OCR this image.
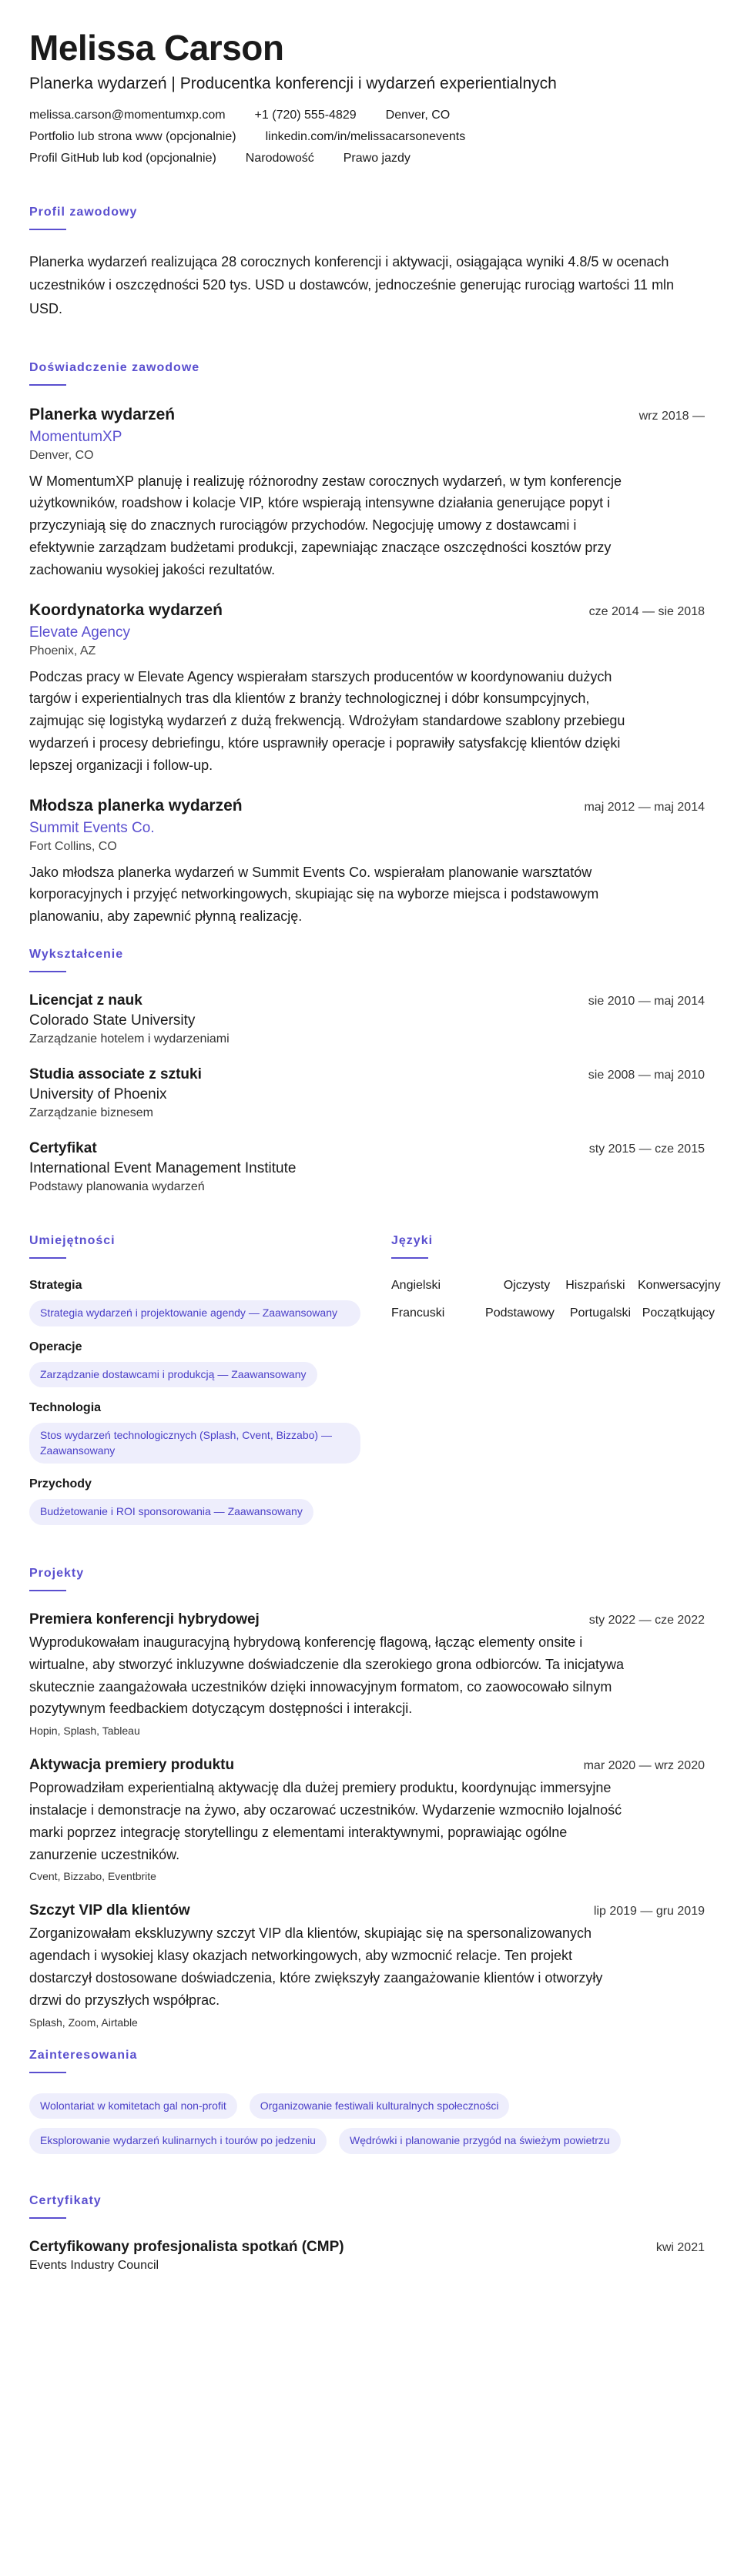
Melissa Carson
Planerka wydarzeń | Producentka konferencji i wydarzeń experientialnych
melissa.carson@momentumxp.com +1 (720) 555-4829 Denver, CO
Portfolio lub strona www (opcjonalnie) linkedin.com/in/melissacarsonevents
Profil GitHub lub kod (opcjonalnie) Narodowość Prawo jazdy
Profil zawodowy
Planerka wydarzeń realizująca 28 corocznych konferencji i aktywacji, osiągająca wyniki 4.8/5 w ocenach uczestników i oszczędności 520 tys. USD u dostawców, jednocześnie generując rurociąg wartości 11 mln USD.
Doświadczenie zawodowe
Planerka wydarzeń	wrz 2018 —
MomentumXP
Denver, CO
W MomentumXP planuję i realizuję różnorodny zestaw corocznych wydarzeń, w tym konferencje użytkowników, roadshow i kolacje VIP, które wspierają intensywne działania generujące popyt i przyczyniają się do znacznych rurociągów przychodów. Negocjuję umowy z dostawcami i efektywnie zarządzam budżetami produkcji, zapewniając znaczące oszczędności kosztów przy zachowaniu wysokiej jakości rezultatów.
Koordynatorka wydarzeń	cze 2014 — sie 2018
Elevate Agency
Phoenix, AZ
Podczas pracy w Elevate Agency wspierałam starszych producentów w koordynowaniu dużych targów i experientialnych tras dla klientów z branży technologicznej i dóbr konsumpcyjnych, zajmując się logistyką wydarzeń z dużą frekwencją. Wdrożyłam standardowe szablony przebiegu wydarzeń i procesy debriefingu, które usprawniły operacje i poprawiły satysfakcję klientów dzięki lepszej organizacji i follow-up.
Młodsza planerka wydarzeń	maj 2012 — maj 2014
Summit Events Co.
Fort Collins, CO
Jako młodsza planerka wydarzeń w Summit Events Co. wspierałam planowanie warsztatów korporacyjnych i przyjęć networkingowych, skupiając się na wyborze miejsca i podstawowym planowaniu, aby zapewnić płynną realizację.
Wykształcenie
Licencjat z nauk	sie 2010 — maj 2014
Colorado State University
Zarządzanie hotelem i wydarzeniami
Studia associate z sztuki	sie 2008 — maj 2010
University of Phoenix
Zarządzanie biznesem
Certyfikat	sty 2015 — cze 2015
International Event Management Institute
Podstawy planowania wydarzeń
Umiejętności
Strategia
Strategia wydarzeń i projektowanie agendy — Zaawansowany
Operacje
Zarządzanie dostawcami i produkcją — Zaawansowany
Technologia
Stos wydarzeń technologicznych (Splash, Cvent, Bizzabo) — Zaawansowany
Przychody
Budżetowanie i ROI sponsorowania — Zaawansowany
Języki
Angielski	Ojczysty	Hiszpański	Konwersacyjny
Francuski	Podstawowy	Portugalski Początkujący
Projekty
Premiera konferencji hybrydowej	sty 2022 — cze 2022
Wyprodukowałam inauguracyjną hybrydową konferencję flagową, łącząc elementy onsite i wirtualne, aby stworzyć inkluzywne doświadczenie dla szerokiego grona odbiorców. Ta inicjatywa skutecznie zaangażowała uczestników dzięki innowacyjnym formatom, co zaowocowało silnym pozytywnym feedbackiem dotyczącym dostępności i interakcji.
Hopin, Splash, Tableau
Aktywacja premiery produktu	mar 2020 — wrz 2020
Poprowadziłam experientialną aktywację dla dużej premiery produktu, koordynując immersyjne instalacje i demonstracje na żywo, aby oczarować uczestników. Wydarzenie wzmocniło lojalność marki poprzez integrację storytellingu z elementami interaktywnymi, poprawiając ogólne zanurzenie uczestników.
Cvent, Bizzabo, Eventbrite
Szczyt VIP dla klientów	lip 2019 — gru 2019
Zorganizowałam ekskluzywny szczyt VIP dla klientów, skupiając się na spersonalizowanych agendach i wysokiej klasy okazjach networkingowych, aby wzmocnić relacje. Ten projekt dostarczył dostosowane doświadczenia, które zwiększyły zaangażowanie klientów i otworzyły drzwi do przyszłych współprac.
Splash, Zoom, Airtable
Zainteresowania
Wolontariat w komitetach gal non-profit	Organizowanie festiwali kulturalnych społeczności
Eksplorowanie wydarzeń kulinarnych i tourów po jedzeniu	Wędrówki i planowanie przygód na świeżym powietrzu
Certyfikaty
Certyfikowany profesjonalista spotkań (CMP)	kwi 2021
Events Industry Council
